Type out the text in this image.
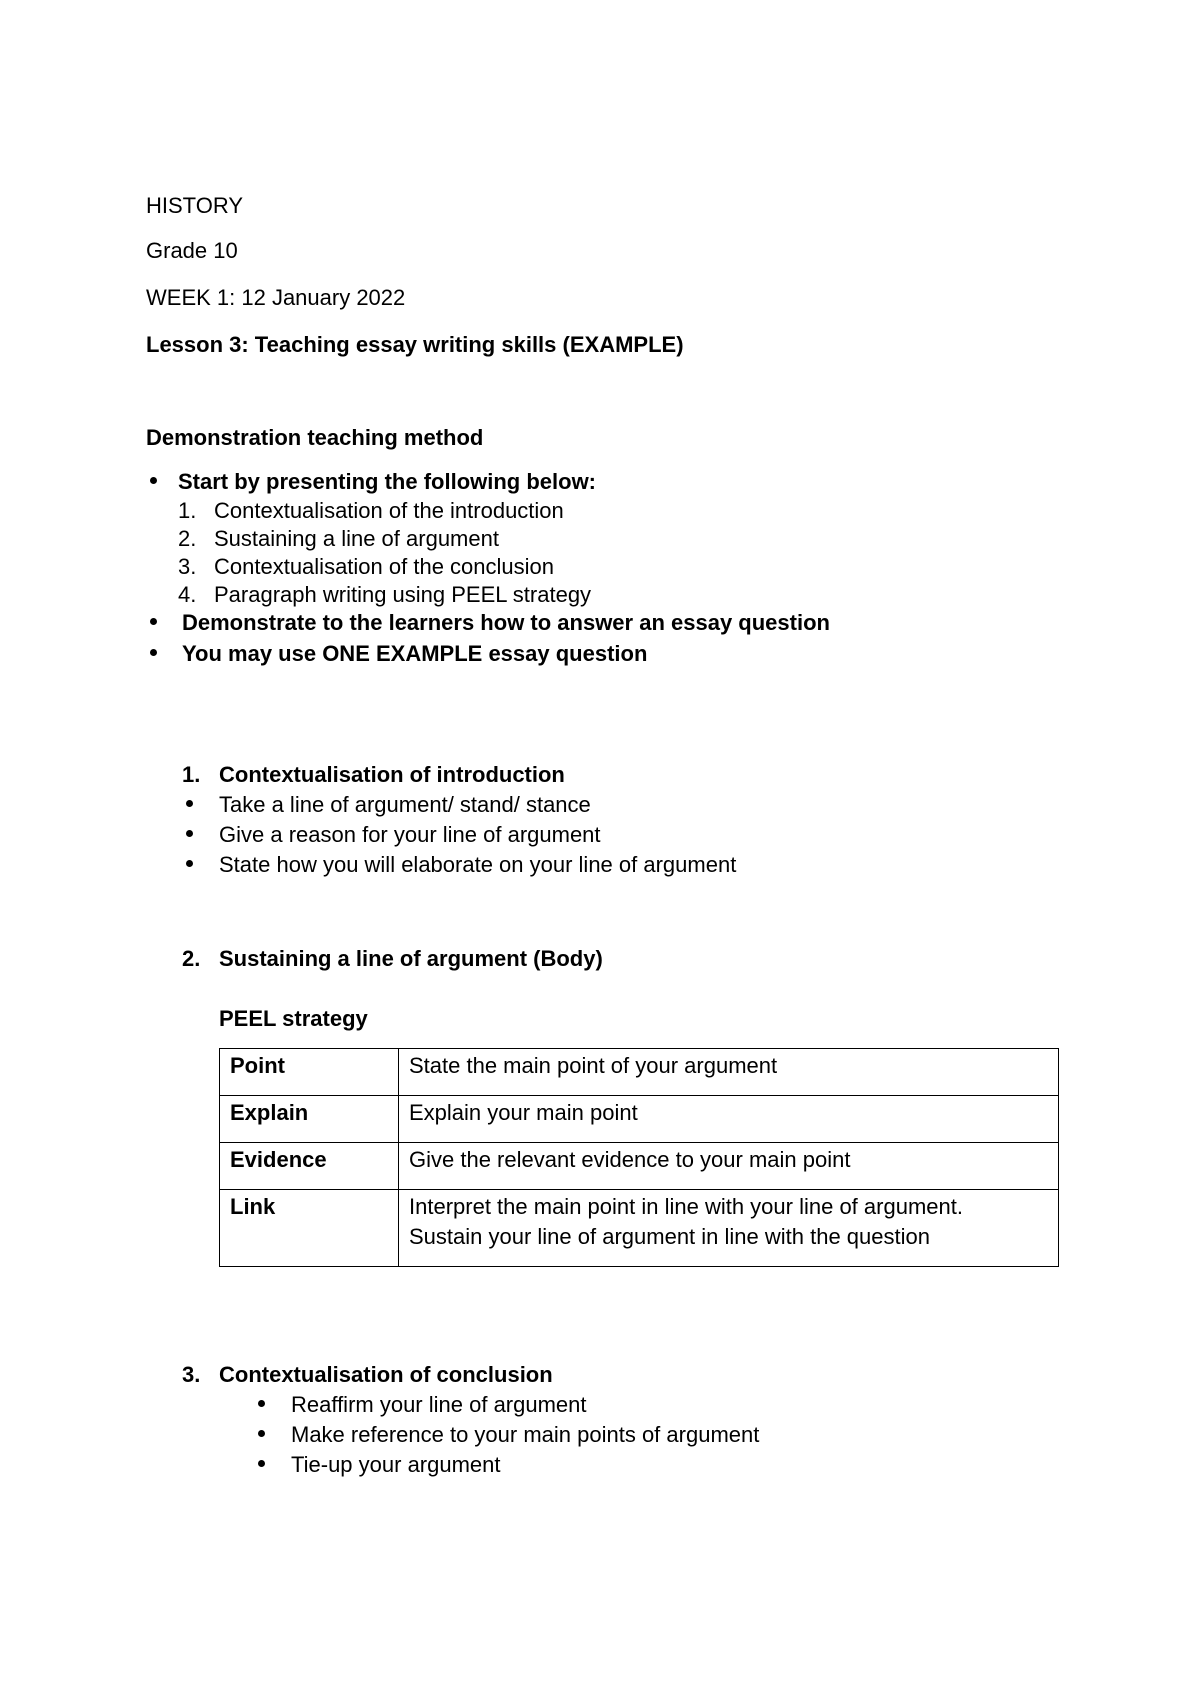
HISTORY
Grade 10
WEEK 1: 12 January 2022
Lesson 3: Teaching essay writing skills (EXAMPLE)
Demonstration teaching method
Start by presenting the following below:
1. Contextualisation of the introduction
2. Sustaining a line of argument
3. Contextualisation of the conclusion
4. Paragraph writing using PEEL strategy
Demonstrate to the learners how to answer an essay question
You may use ONE EXAMPLE essay question
1. Contextualisation of introduction
Take a line of argument/ stand/ stance
Give a reason for your line of argument
State how you will elaborate on your line of argument
2. Sustaining a line of argument (Body)
PEEL strategy
Point	State the main point of your argument
Explain	Explain your main point
Evidence	Give the relevant evidence to your main point
Link	Interpret the main point in line with your line of argument.
Sustain your line of argument in line with the question
3. Contextualisation of conclusion
Reaffirm your line of argument
Make reference to your main points of argument
Tie-up your argument
